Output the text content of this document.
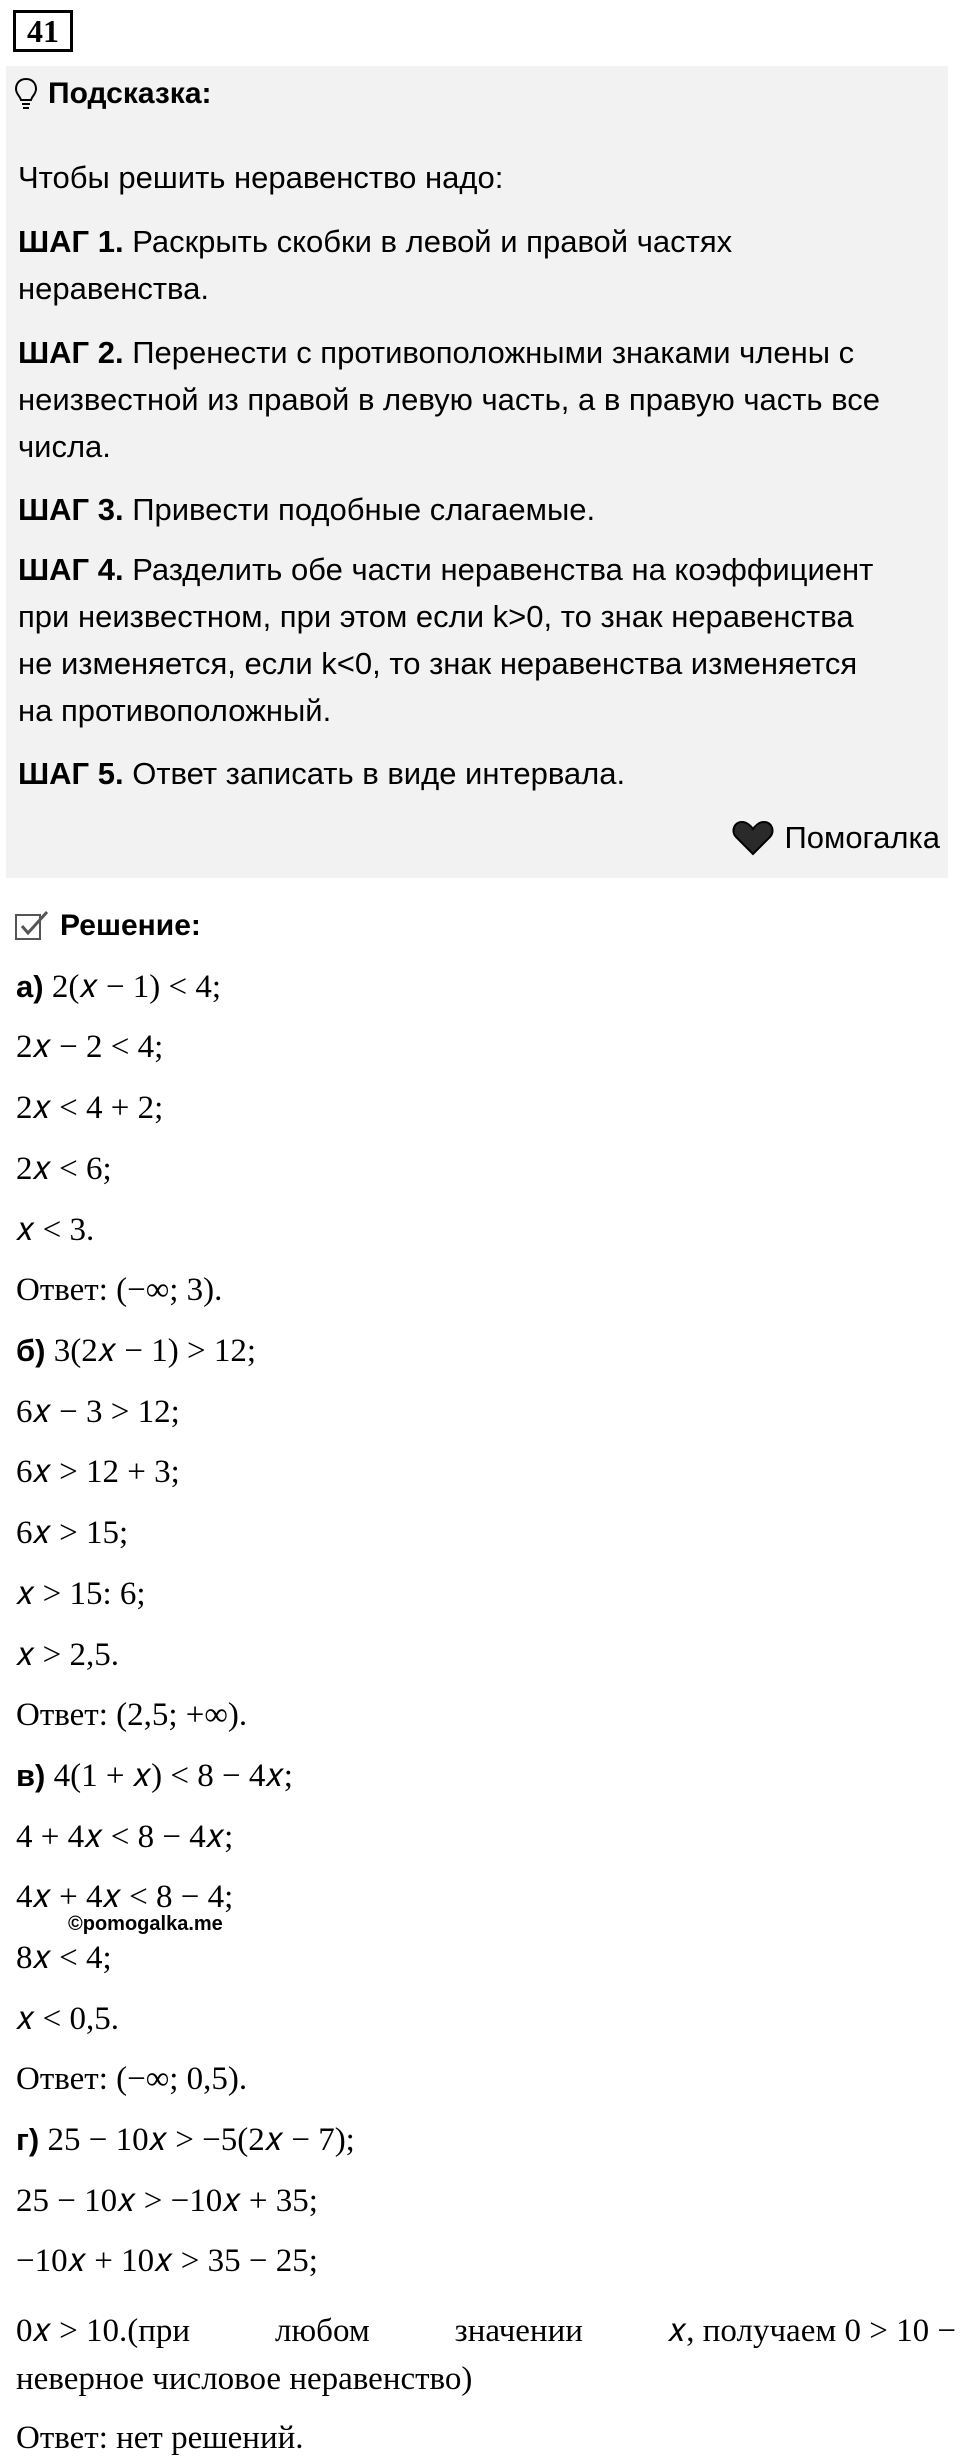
41
Подсказка:
Чтобы решить неравенство надо:
ШАГ 1. Раскрыть скобки в левой и правой частях
неравенства.
ШАГ 2. Перенести с противоположными знаками члены с
неизвестной из правой в левую часть, а в правую часть все
числа.
ШАГ 3. Привести подобные слагаемые.
ШАГ 4. Разделить обе части неравенства на коэффициент
при неизвестном, при этом если k>0, то знак неравенства
не изменяется, если k<0, то знак неравенства изменяется
на противоположный.
ШАГ 5. Ответ записать в виде интервала.
Помогалка
Решение:
а) 2(𝑥 − 1) < 4;
2𝑥 − 2 < 4;
2𝑥 < 4 + 2;
2𝑥 < 6;
𝑥 < 3.
Ответ: (−∞; 3).
б) 3(2𝑥 − 1) > 12;
6𝑥 − 3 > 12;
6𝑥 > 12 + 3;
6𝑥 > 15;
𝑥 > 15: 6;
𝑥 > 2,5.
Ответ: (2,5; +∞).
в) 4(1 + 𝑥) < 8 − 4𝑥;
4 + 4𝑥 < 8 − 4𝑥;
4𝑥 + 4𝑥 < 8 − 4;
8𝑥 < 4;
𝑥 < 0,5.
Ответ: (−∞; 0,5).
г) 25 − 10𝑥 > −5(2𝑥 − 7);
25 − 10𝑥 > −10𝑥 + 35;
−10𝑥 + 10𝑥 > 35 − 25;
©pomogalka.me
0𝑥 > 10.(при	любом	значении	𝑥, получаем 0 > 10 −
неверное числовое неравенство)
Ответ: нет решений.
